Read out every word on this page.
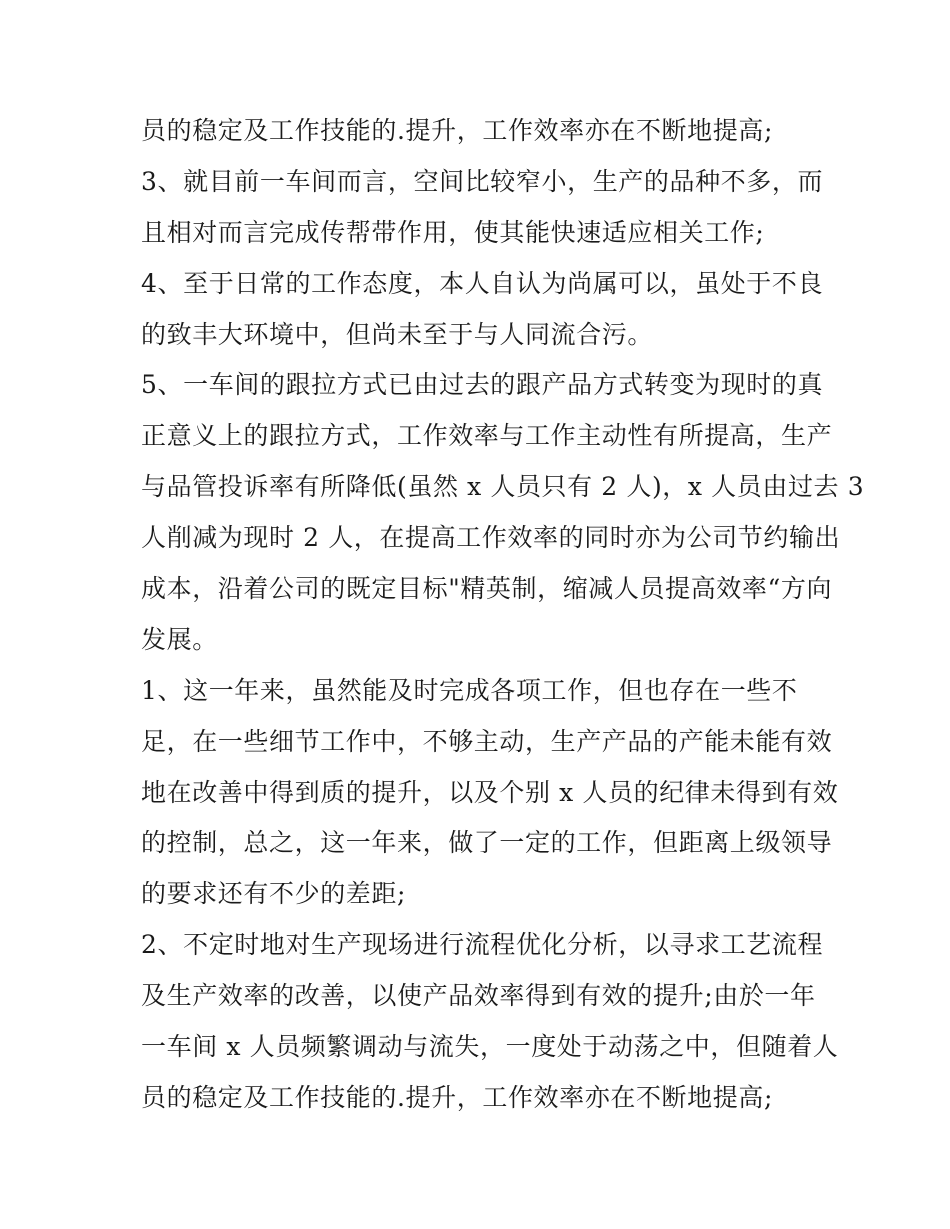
员的稳定及工作技能的.提升，工作效率亦在不断地提高;
3、就目前一车间而言，空间比较窄小，生产的品种不多，而
且相对而言完成传帮带作用，使其能快速适应相关工作;
4、至于日常的工作态度，本人自认为尚属可以，虽处于不良
的致丰大环境中，但尚未至于与人同流合污。
5、一车间的跟拉方式已由过去的跟产品方式转变为现时的真
正意义上的跟拉方式，工作效率与工作主动性有所提高，生产
与品管投诉率有所降低(虽然 x 人员只有 2 人)，x 人员由过去 3
人削减为现时 2 人，在提高工作效率的同时亦为公司节约输出
成本，沿着公司的既定目标"精英制，缩减人员提高效率“方向
发展。
1、这一年来，虽然能及时完成各项工作，但也存在一些不
足，在一些细节工作中，不够主动，生产产品的产能未能有效
地在改善中得到质的提升，以及个别 x 人员的纪律未得到有效
的控制，总之，这一年来，做了一定的工作，但距离上级领导
的要求还有不少的差距;
2、不定时地对生产现场进行流程优化分析，以寻求工艺流程
及生产效率的改善，以使产品效率得到有效的提升;由於一年
一车间 x 人员频繁调动与流失，一度处于动荡之中，但随着人
员的稳定及工作技能的.提升，工作效率亦在不断地提高;
